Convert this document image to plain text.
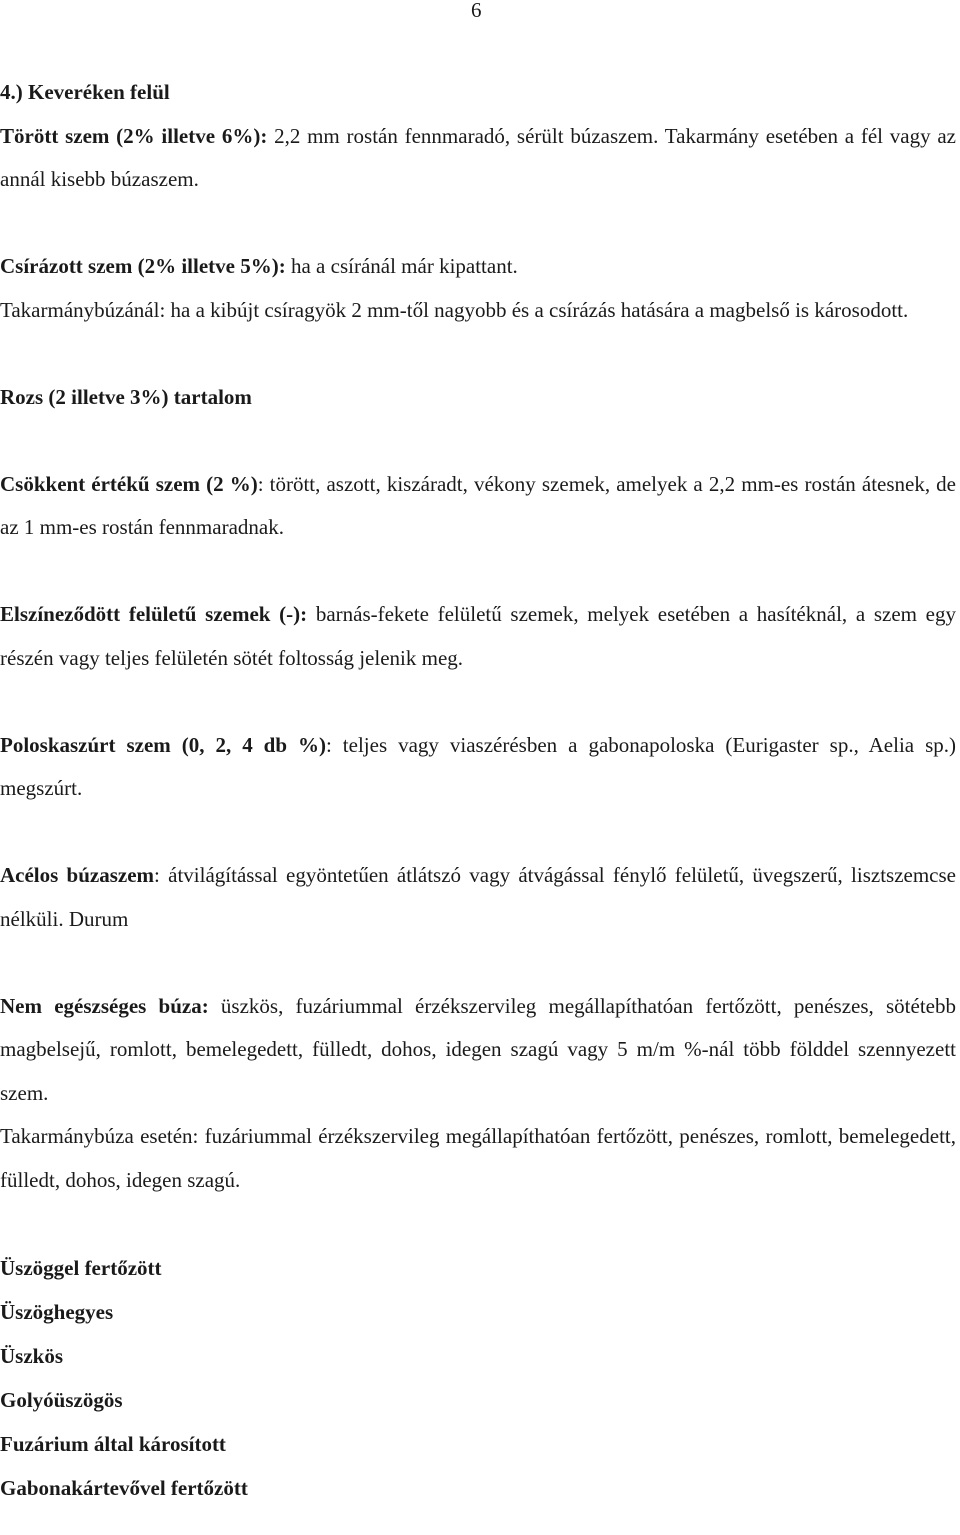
6

4.) Keveréken felül

Törött szem (2% illetve 6%): 2,2 mm rostán fennmaradó, sérült búzaszem. Takarmány esetében a fél vagy az annál kisebb búzaszem.

Csírázott szem (2% illetve 5%): ha a csíránál már kipattant.

Takarmánybúzánál: ha a kibújt csíragyök 2 mm-től nagyobb és a csírázás hatására a magbelső is károsodott.

Rozs (2 illetve 3%) tartalom

Csökkent értékű szem (2 %): törött, aszott, kiszáradt, vékony szemek, amelyek a 2,2 mm-es rostán átesnek, de az 1 mm-es rostán fennmaradnak.

Elszíneződött felületű szemek (-): barnás-fekete felületű szemek, melyek esetében a hasítéknál, a szem egy részén vagy teljes felületén sötét foltosság jelenik meg.

Poloskaszúrt szem (0, 2, 4 db %): teljes vagy viaszérésben a gabonapoloska (Eurigaster sp., Aelia sp.) megszúrt.

Acélos búzaszem: átvilágítással egyöntetűen átlátszó vagy átvágással fénylő felületű, üvegszerű, lisztszemcse nélküli. Durum

Nem egészséges búza: üszkös, fuzáriummal érzékszervileg megállapíthatóan fertőzött, penészes, sötétebb magbelsejű, romlott, bemelegedett, fülledt, dohos, idegen szagú vagy 5 m/m %-nál több földdel szennyezett szem.

Takarmánybúza esetén: fuzáriummal érzékszervileg megállapíthatóan fertőzött, penészes, romlott, bemelegedett, fülledt, dohos, idegen szagú.

Üszöggel fertőzött

Üszöghegyes

Üszkös

Golyóüszögös

Fuzárium által károsított

Gabonakártevővel fertőzött
